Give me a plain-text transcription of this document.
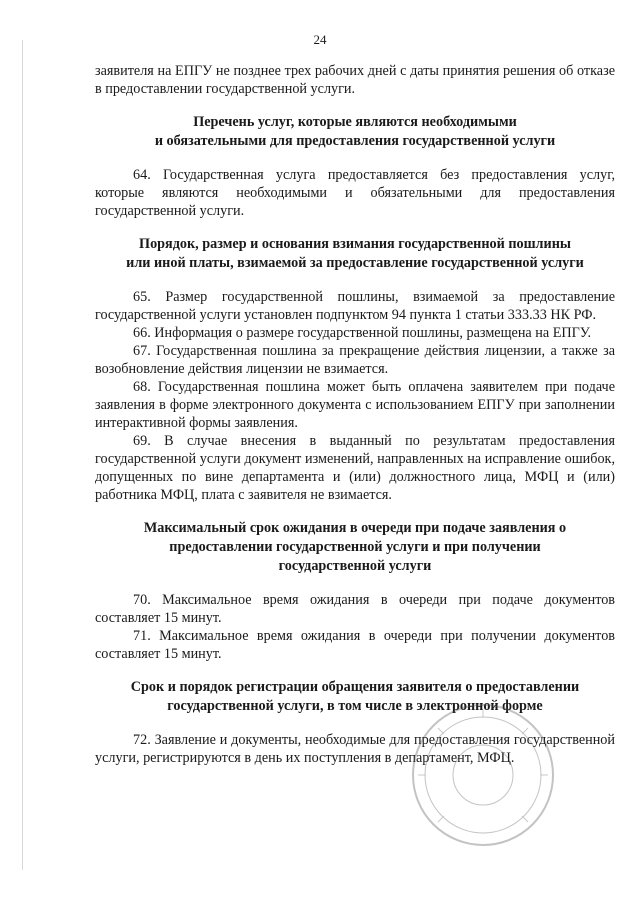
24

заявителя на ЕПГУ не позднее трех рабочих дней с даты принятия решения об отказе в предоставлении государственной услуги.

Перечень услуг, которые являются необходимыми
и обязательными для предоставления государственной услуги

64. Государственная услуга предоставляется без предоставления услуг, которые являются необходимыми и обязательными для предоставления государственной услуги.

Порядок, размер и основания взимания государственной пошлины
или иной платы, взимаемой за предоставление государственной услуги

65. Размер государственной пошлины, взимаемой за предоставление государственной услуги установлен подпунктом 94 пункта 1 статьи 333.33 НК РФ.

66. Информация о размере государственной пошлины, размещена на ЕПГУ.

67. Государственная пошлина за прекращение действия лицензии, а также за возобновление действия лицензии не взимается.

68. Государственная пошлина может быть оплачена заявителем при подаче заявления в форме электронного документа с использованием ЕПГУ при заполнении интерактивной формы заявления.

69. В случае внесения в выданный по результатам предоставления государственной услуги документ изменений, направленных на исправление ошибок, допущенных по вине департамента и (или) должностного лица, МФЦ и (или) работника МФЦ, плата с заявителя не взимается.

Максимальный срок ожидания в очереди при подаче заявления о
предоставлении государственной услуги и при получении
государственной услуги

70. Максимальное время ожидания в очереди при подаче документов составляет 15 минут.

71. Максимальное время ожидания в очереди при получении документов составляет 15 минут.

Срок и порядок регистрации обращения заявителя о предоставлении
государственной услуги, в том числе в электронной форме

72. Заявление и документы, необходимые для предоставления государственной услуги, регистрируются в день их поступления в департамент, МФЦ.
